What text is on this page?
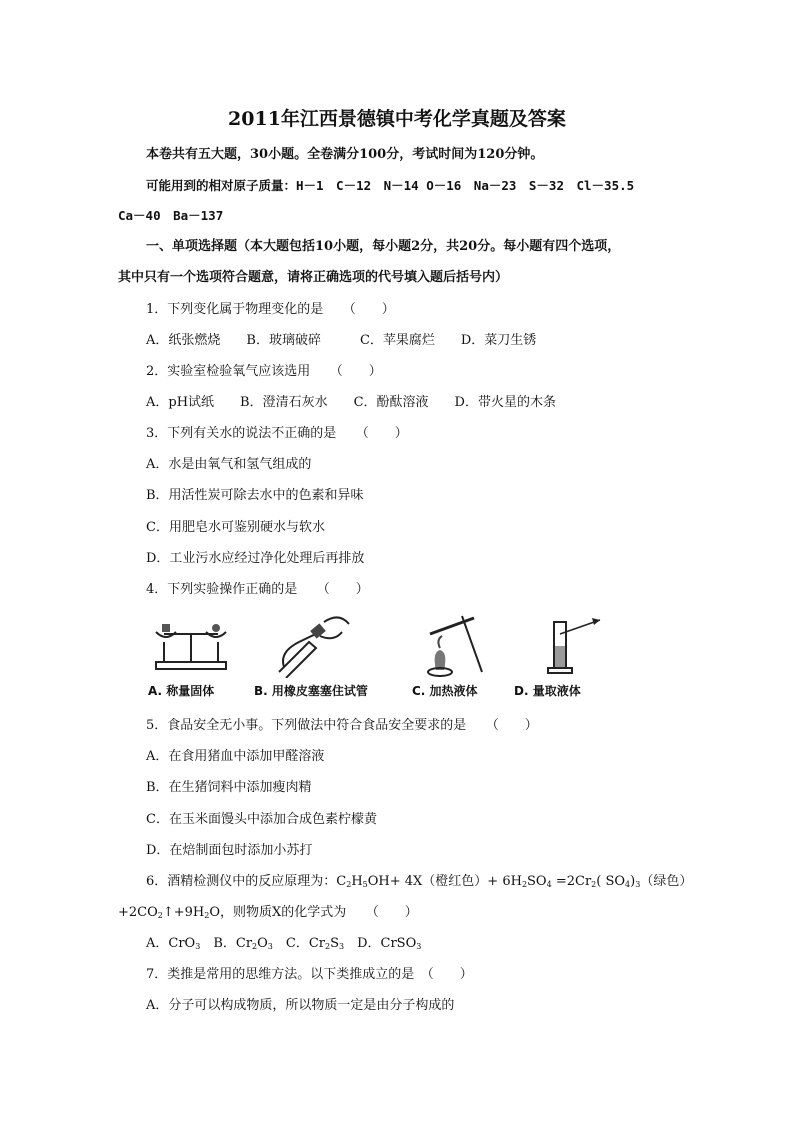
2011年江西景德镇中考化学真题及答案
本卷共有五大题，30小题。全卷满分100分，考试时间为120分钟。
可能用到的相对原子质量：H－1　C－12　N－14 O－16　Na－23　S－32　Cl－35.5
Ca－40　Ba－137
一、单项选择题（本大题包括10小题，每小题2分，共20分。每小题有四个选项，
其中只有一个选项符合题意，请将正确选项的代号填入题后括号内）
1．下列变化属于物理变化的是　　（　　）
A．纸张燃烧　　B．玻璃破碎　　　C．苹果腐烂　　D．菜刀生锈
2．实验室检验氧气应该选用　　（　　）
A．pH试纸　　B．澄清石灰水　　C．酚酞溶液　　D．带火星的木条
3．下列有关水的说法不正确的是　　（　　）
A．水是由氧气和氢气组成的
B．用活性炭可除去水中的色素和异味
C．用肥皂水可鉴别硬水与软水
D．工业污水应经过净化处理后再排放
4．下列实验操作正确的是　　（　　）
A. 称量固体	B. 用橡皮塞塞住试管	C. 加热液体	D. 量取液体
5．食品安全无小事。下列做法中符合食品安全要求的是　　（　　）
A．在食用猪血中添加甲醛溶液
B．在生猪饲料中添加瘦肉精
C．在玉米面馒头中添加合成色素柠檬黄
D．在焙制面包时添加小苏打
6．酒精检测仪中的反应原理为：$C_2H_5OH+ 4X$（橙红色）+ $6H_2SO_4 =2Cr_2$( $SO_4)_3$（绿色）
$+2CO_2↑+9H_2O$，则物质X的化学式为　　（　　）
A．CrO$_3$　B．$Cr_2O_3$　C．$Cr_2S_3$　D．CrSO$_3$
7．类推是常用的思维方法。以下类推成立的是　（　　）
A．分子可以构成物质，所以物质一定是由分子构成的
